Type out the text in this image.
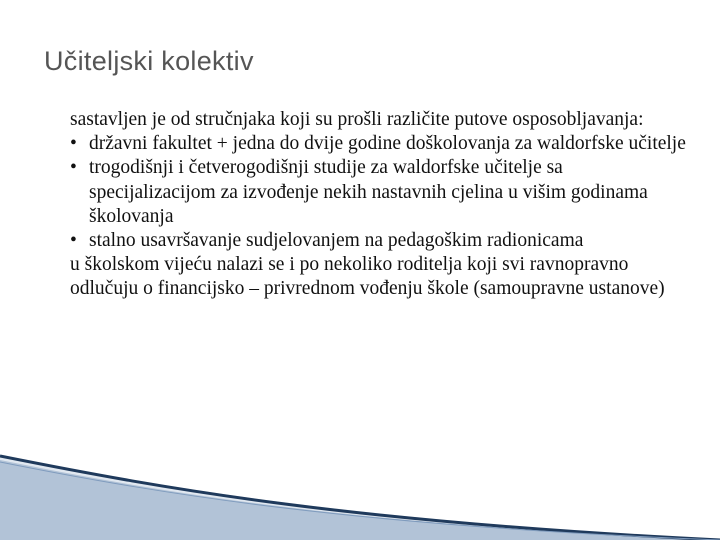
Učiteljski kolektiv
sastavljen je od stručnjaka koji su prošli različite putove osposobljavanja:
• državni fakultet + jedna do dvije godine doškolovanja za waldorfske učitelje
• trogodišnji i četverogodišnji studije za waldorfske učitelje sa specijalizacijom za izvođenje nekih nastavnih cjelina u višim godinama školovanja
• stalno usavršavanje sudjelovanjem na pedagoškim radionicama
u školskom vijeću nalazi se i po nekoliko roditelja koji svi ravnopravno odlučuju o financijsko – privrednom vođenju škole (samoupravne ustanove)
